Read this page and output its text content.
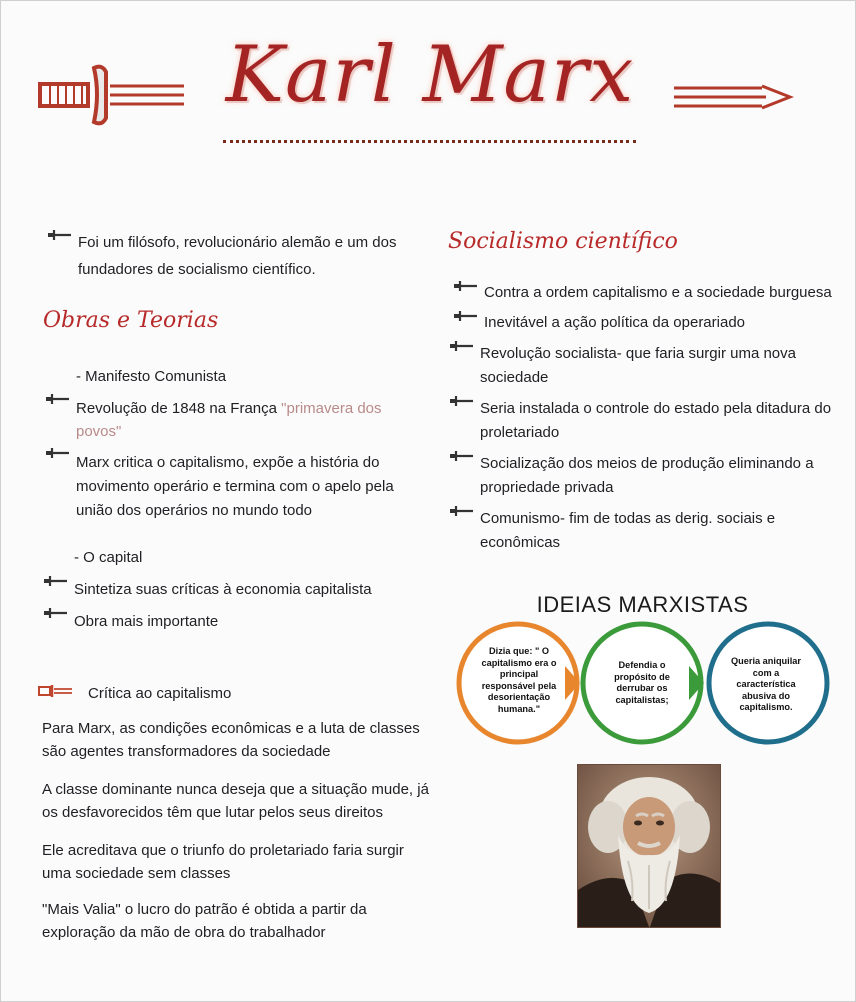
Karl Marx
Foi um filósofo, revolucionário alemão e um dos
fundadores de socialismo científico.
Obras e Teorias
- Manifesto Comunista
Revolução de 1848 na França "primavera dos
povos"
Marx critica o capitalismo, expõe a história do
movimento operário e termina com o apelo pela
união dos operários no mundo todo
- O capital
Sintetiza suas críticas à economia capitalista
Obra mais importante
Crítica ao capitalismo
Para Marx, as condições econômicas e a luta de classes
são agentes transformadores da sociedade
A classe dominante nunca deseja que a situação mude, já
os desfavorecidos têm que lutar pelos seus direitos
Ele acreditava que o triunfo do proletariado faria surgir
uma sociedade sem classes
"Mais Valia" o lucro do patrão é obtida a partir da
exploração da mão de obra do trabalhador
Socialismo científico
Contra a ordem capitalismo e a sociedade burguesa
Inevitável a ação política da operariado
Revolução socialista- que faria surgir uma nova
sociedade
Seria instalada o controle do estado pela ditadura do
proletariado
Socialização dos meios de produção eliminando a
propriedade privada
Comunismo- fim de todas as derig. sociais e
econômicas
IDEIAS MARXISTAS
Dizia que: " O
capitalismo era o
principal
responsável pela
desorientação
humana."
Defendia o
propósito de
derrubar os
capitalistas;
Queria aniquilar
com a
característica
abusiva do
capitalismo.
